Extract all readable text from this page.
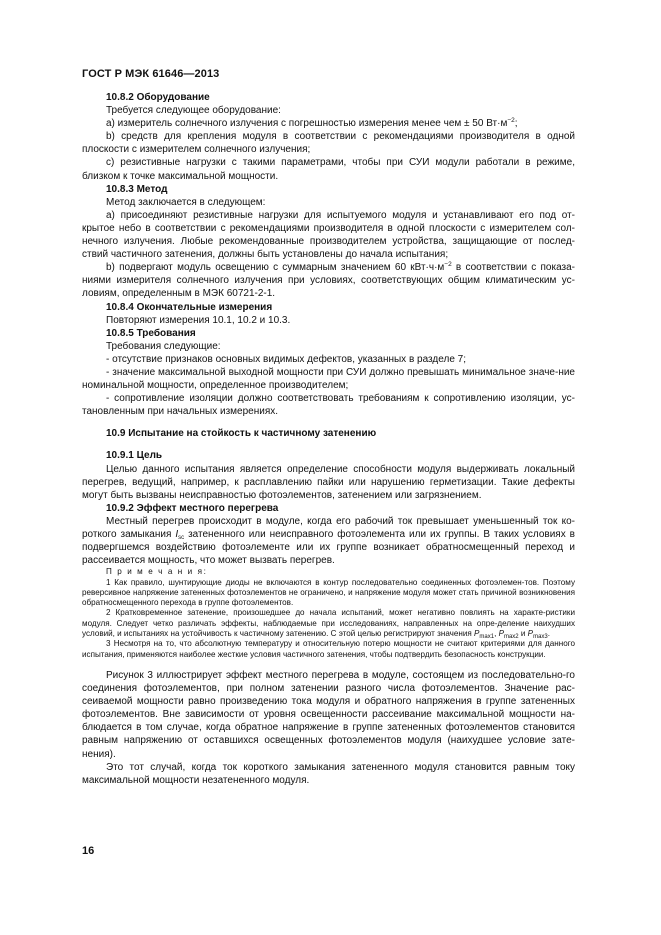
ГОСТ Р МЭК 61646—2013

10.8.2 Оборудование

Требуется следующее оборудование:

а) измеритель солнечного излучения с погрешностью измерения менее чем ± 50 $Вт\cdot м^{-2}$;

b) средств для крепления модуля в соответствии с рекомендациями производителя в одной плоскости с измерителем солнечного излучения;

c) резистивные нагрузки с такими параметрами, чтобы при СУИ модули работали в режиме, близком к точке максимальной мощности.

10.8.3 Метод

Метод заключается в следующем:

а) присоединяют резистивные нагрузки для испытуемого модуля и устанавливают его под от-крытое небо в соответствии с рекомендациями производителя в одной плоскости с измерителем сол-нечного излучения. Любые рекомендованные производителем устройства, защищающие от послед-ствий частичного затенения, должны быть установлены до начала испытания;

b) подвергают модуль освещению с суммарным значением 60 $кВт\cdot ч\cdot м^{-2}$ в соответствии с показа-ниями измерителя солнечного излучения при условиях, соответствующих общим климатическим ус-ловиям, определенным в МЭК 60721-2-1.

10.8.4 Окончательные измерения

Повторяют измерения 10.1, 10.2 и 10.3.

10.8.5 Требования

Требования следующие:

- отсутствие признаков основных видимых дефектов, указанных в разделе 7;

- значение максимальной выходной мощности при СУИ должно превышать минимальное значе-ние номинальной мощности, определенное производителем;

- сопротивление изоляции должно соответствовать требованиям к сопротивлению изоляции, ус-тановленным при начальных измерениях.

10.9 Испытание на стойкость к частичному затенению

10.9.1 Цель

Целью данного испытания является определение способности модуля выдерживать локальный перегрев, ведущий, например, к расплавлению пайки или нарушению герметизации. Такие дефекты могут быть вызваны неисправностью фотоэлементов, затенением или загрязнением.

10.9.2 Эффект местного перегрева

Местный перегрев происходит в модуле, когда его рабочий ток превышает уменьшенный ток ко-роткого замыкания $I_{sc}$ затененного или неисправного фотоэлемента или их группы. В таких условиях в подвергшемся воздействию фотоэлементе или их группе возникает обратносмещенный переход и рассеивается мощность, что может вызвать перегрев.

П р и м е ч а н и я:

1 Как правило, шунтирующие диоды не включаются в контур последовательно соединенных фотоэлемен-тов. Поэтому реверсивное напряжение затененных фотоэлементов не ограничено, и напряжение модуля может стать причиной возникновения обратносмещенного перехода в группе фотоэлементов.

2 Кратковременное затенение, произошедшее до начала испытаний, может негативно повлиять на характе-ристики модуля. Следует четко различать эффекты, наблюдаемые при исследованиях, направленных на опре-деление наихудших условий, и испытаниях на устойчивость к частичному затенению. С этой целью регистрируют значения $P_{max1}$, $P_{max2}$ и $P_{max3}$.

3 Несмотря на то, что абсолютную температуру и относительную потерю мощности не считают критериями для данного испытания, применяются наиболее жесткие условия частичного затенения, чтобы подтвердить безопасность конструкции.

Рисунок 3 иллюстрирует эффект местного перегрева в модуле, состоящем из последовательно-го соединения фотоэлементов, при полном затенении разного числа фотоэлементов. Значение рас-сеиваемой мощности равно произведению тока модуля и обратного напряжения в группе затененных фотоэлементов. Вне зависимости от уровня освещенности рассеивание максимальной мощности на-блюдается в том случае, когда обратное напряжение в группе затененных фотоэлементов становится равным напряжению от оставшихся освещенных фотоэлементов модуля (наихудшее условие зате-нения).

Это тот случай, когда ток короткого замыкания затененного модуля становится равным току максимальной мощности незатененного модуля.

16
